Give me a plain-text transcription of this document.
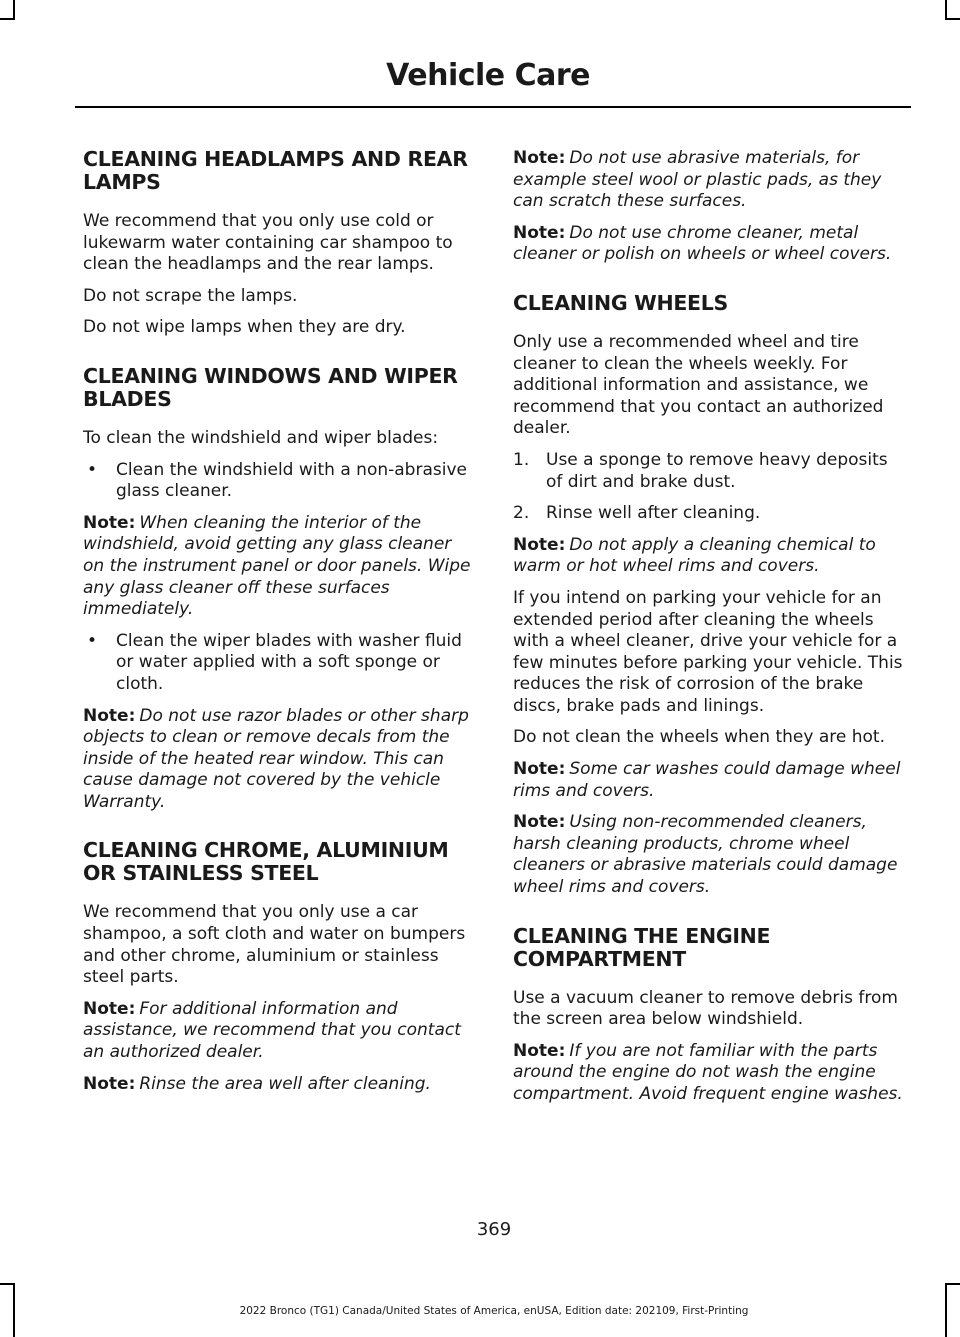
Vehicle Care
CLEANING HEADLAMPS AND REAR LAMPS

We recommend that you only use cold or lukewarm water containing car shampoo to clean the headlamps and the rear lamps.

Do not scrape the lamps.

Do not wipe lamps when they are dry.

CLEANING WINDOWS AND WIPER BLADES

To clean the windshield and wiper blades:

• Clean the windshield with a non-abrasive glass cleaner.

Note: When cleaning the interior of the windshield, avoid getting any glass cleaner on the instrument panel or door panels. Wipe any glass cleaner off these surfaces immediately.

• Clean the wiper blades with washer fluid or water applied with a soft sponge or cloth.

Note: Do not use razor blades or other sharp objects to clean or remove decals from the inside of the heated rear window. This can cause damage not covered by the vehicle Warranty.

CLEANING CHROME, ALUMINIUM OR STAINLESS STEEL

We recommend that you only use a car shampoo, a soft cloth and water on bumpers and other chrome, aluminium or stainless steel parts.

Note: For additional information and assistance, we recommend that you contact an authorized dealer.

Note: Rinse the area well after cleaning.

Note: Do not use abrasive materials, for example steel wool or plastic pads, as they can scratch these surfaces.

Note: Do not use chrome cleaner, metal cleaner or polish on wheels or wheel covers.

CLEANING WHEELS

Only use a recommended wheel and tire cleaner to clean the wheels weekly. For additional information and assistance, we recommend that you contact an authorized dealer.

1. Use a sponge to remove heavy deposits of dirt and brake dust.
2. Rinse well after cleaning.

Note: Do not apply a cleaning chemical to warm or hot wheel rims and covers.

If you intend on parking your vehicle for an extended period after cleaning the wheels with a wheel cleaner, drive your vehicle for a few minutes before parking your vehicle. This reduces the risk of corrosion of the brake discs, brake pads and linings.

Do not clean the wheels when they are hot.

Note: Some car washes could damage wheel rims and covers.

Note: Using non-recommended cleaners, harsh cleaning products, chrome wheel cleaners or abrasive materials could damage wheel rims and covers.

CLEANING THE ENGINE COMPARTMENT

Use a vacuum cleaner to remove debris from the screen area below windshield.

Note: If you are not familiar with the parts around the engine do not wash the engine compartment. Avoid frequent engine washes.

369

2022 Bronco (TG1) Canada/United States of America, enUSA, Edition date: 202109, First-Printing
